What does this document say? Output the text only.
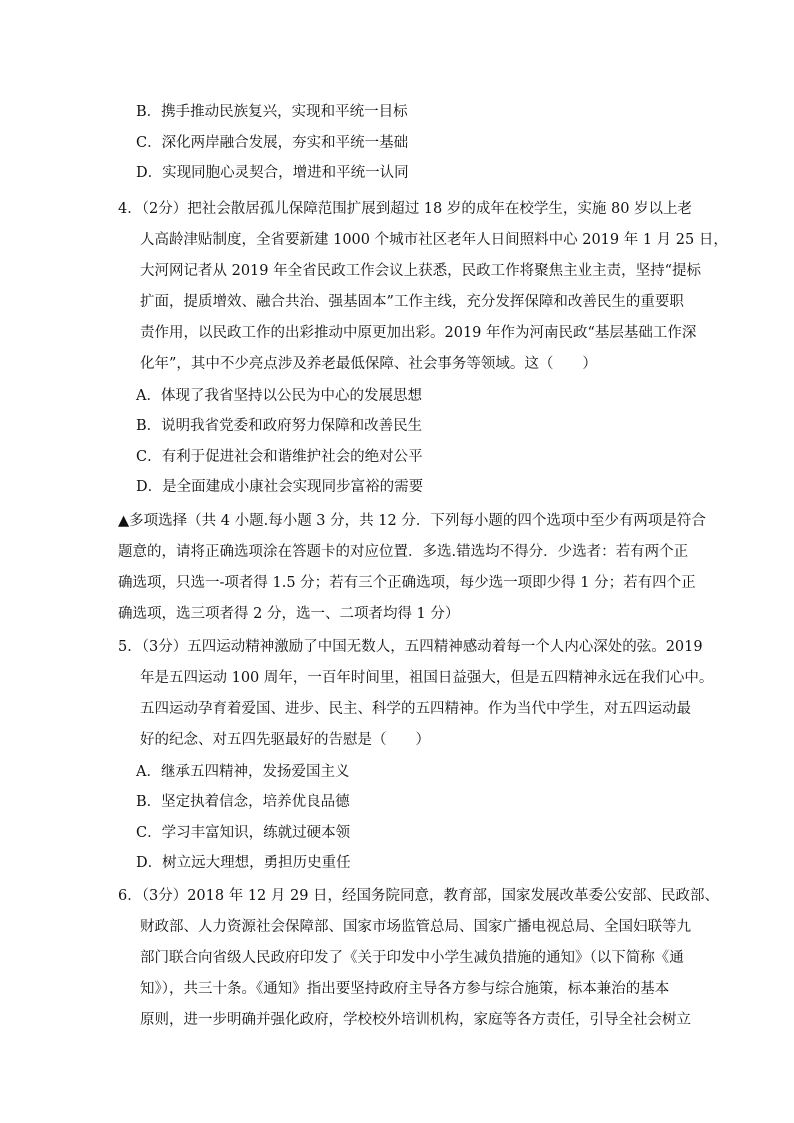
B．携手推动民族复兴，实现和平统一目标
C．深化两岸融合发展，夯实和平统一基础
D．实现同胞心灵契合，增进和平统一认同
4．（2分）把社会散居孤儿保障范围扩展到超过 18 岁的成年在校学生，实施 80 岁以上老
人高龄津贴制度，全省要新建 1000 个城市社区老年人日间照料中心 2019 年 1 月 25 日，
大河网记者从 2019 年全省民政工作会议上获悉，民政工作将聚焦主业主责，坚持“提标
扩面，提质增效、融合共治、强基固本”工作主线，充分发挥保障和改善民生的重要职
责作用，以民政工作的出彩推动中原更加出彩。2019 年作为河南民政“基层基础工作深
化年”，其中不少亮点涉及养老最低保障、社会事务等领域。这（　　）
A．体现了我省坚持以公民为中心的发展思想
B．说明我省党委和政府努力保障和改善民生
C．有利于促进社会和谐维护社会的绝对公平
D．是全面建成小康社会实现同步富裕的需要
▲多项选择（共 4 小题.每小题 3 分，共 12 分．下列每小题的四个选项中至少有两项是符合
题意的，请将正确选项涂在答题卡的对应位置．多选.错选均不得分．少选者：若有两个正
确选项，只选一-项者得 1.5 分；若有三个正确选项，每少选一项即少得 1 分；若有四个正
确选项，选三项者得 2 分，选一、二项者均得 1 分）
5．（3分）五四运动精神激励了中国无数人，五四精神感动着每一个人内心深处的弦。2019
年是五四运动 100 周年，一百年时间里，祖国日益强大，但是五四精神永远在我们心中。
五四运动孕育着爱国、进步、民主、科学的五四精神。作为当代中学生，对五四运动最
好的纪念、对五四先驱最好的告慰是（　　）
A．继承五四精神，发扬爱国主义
B．坚定执着信念，培养优良品德
C．学习丰富知识，练就过硬本领
D．树立远大理想，勇担历史重任
6．（3分）2018 年 12 月 29 日，经国务院同意，教育部，国家发展改革委公安部、民政部、
财政部、人力资源社会保障部、国家市场监管总局、国家广播电视总局、全国妇联等九
部门联合向省级人民政府印发了《关于印发中小学生减负措施的通知》（以下简称《通
知》），共三十条。《通知》指出要坚持政府主导各方参与综合施策，标本兼治的基本
原则，进一步明确并强化政府，学校校外培训机构，家庭等各方责任，引导全社会树立
